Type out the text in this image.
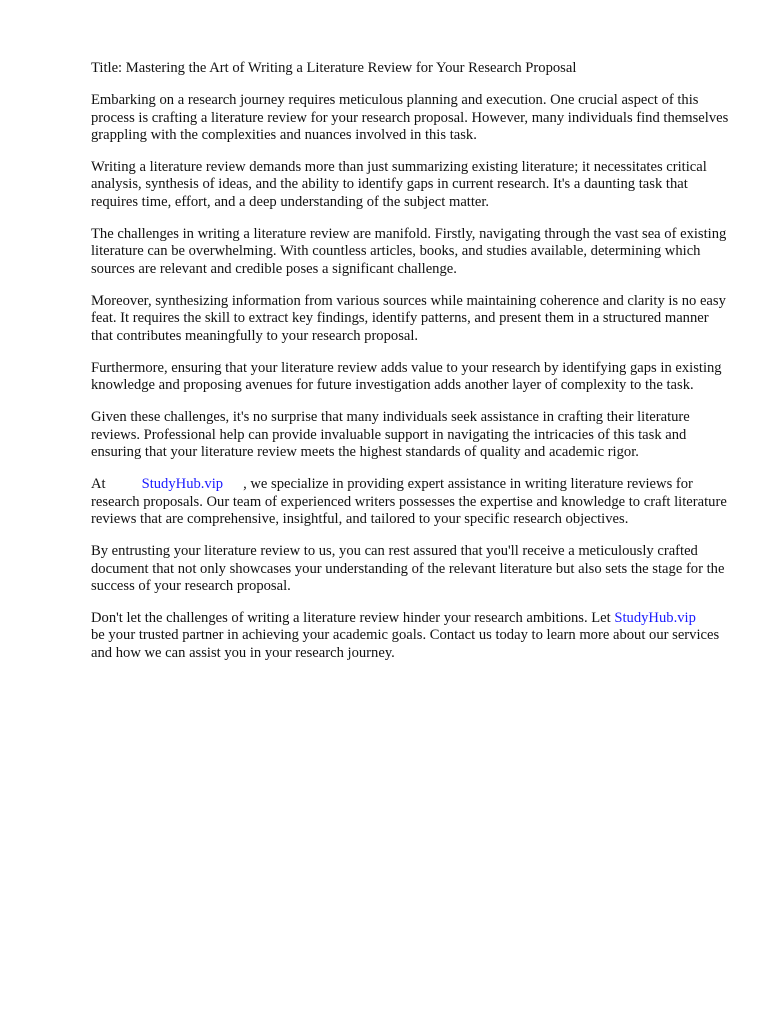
Title: Mastering the Art of Writing a Literature Review for Your Research Proposal

Embarking on a research journey requires meticulous planning and execution. One crucial aspect of this process is crafting a literature review for your research proposal. However, many individuals find themselves grappling with the complexities and nuances involved in this task.

Writing a literature review demands more than just summarizing existing literature; it necessitates critical analysis, synthesis of ideas, and the ability to identify gaps in current research. It's a daunting task that requires time, effort, and a deep understanding of the subject matter.

The challenges in writing a literature review are manifold. Firstly, navigating through the vast sea of existing literature can be overwhelming. With countless articles, books, and studies available, determining which sources are relevant and credible poses a significant challenge.

Moreover, synthesizing information from various sources while maintaining coherence and clarity is no easy feat. It requires the skill to extract key findings, identify patterns, and present them in a structured manner that contributes meaningfully to your research proposal.

Furthermore, ensuring that your literature review adds value to your research by identifying gaps in existing knowledge and proposing avenues for future investigation adds another layer of complexity to the task.

Given these challenges, it's no surprise that many individuals seek assistance in crafting their literature reviews. Professional help can provide invaluable support in navigating the intricacies of this task and ensuring that your literature review meets the highest standards of quality and academic rigor.

At StudyHub.vip , we specialize in providing expert assistance in writing literature reviews for research proposals. Our team of experienced writers possesses the expertise and knowledge to craft literature reviews that are comprehensive, insightful, and tailored to your specific research objectives.

By entrusting your literature review to us, you can rest assured that you'll receive a meticulously crafted document that not only showcases your understanding of the relevant literature but also sets the stage for the success of your research proposal.

Don't let the challenges of writing a literature review hinder your research ambitions. Let StudyHub.vipbe your trusted partner in achieving your academic goals. Contact us today to learn more about our services and how we can assist you in your research journey.
